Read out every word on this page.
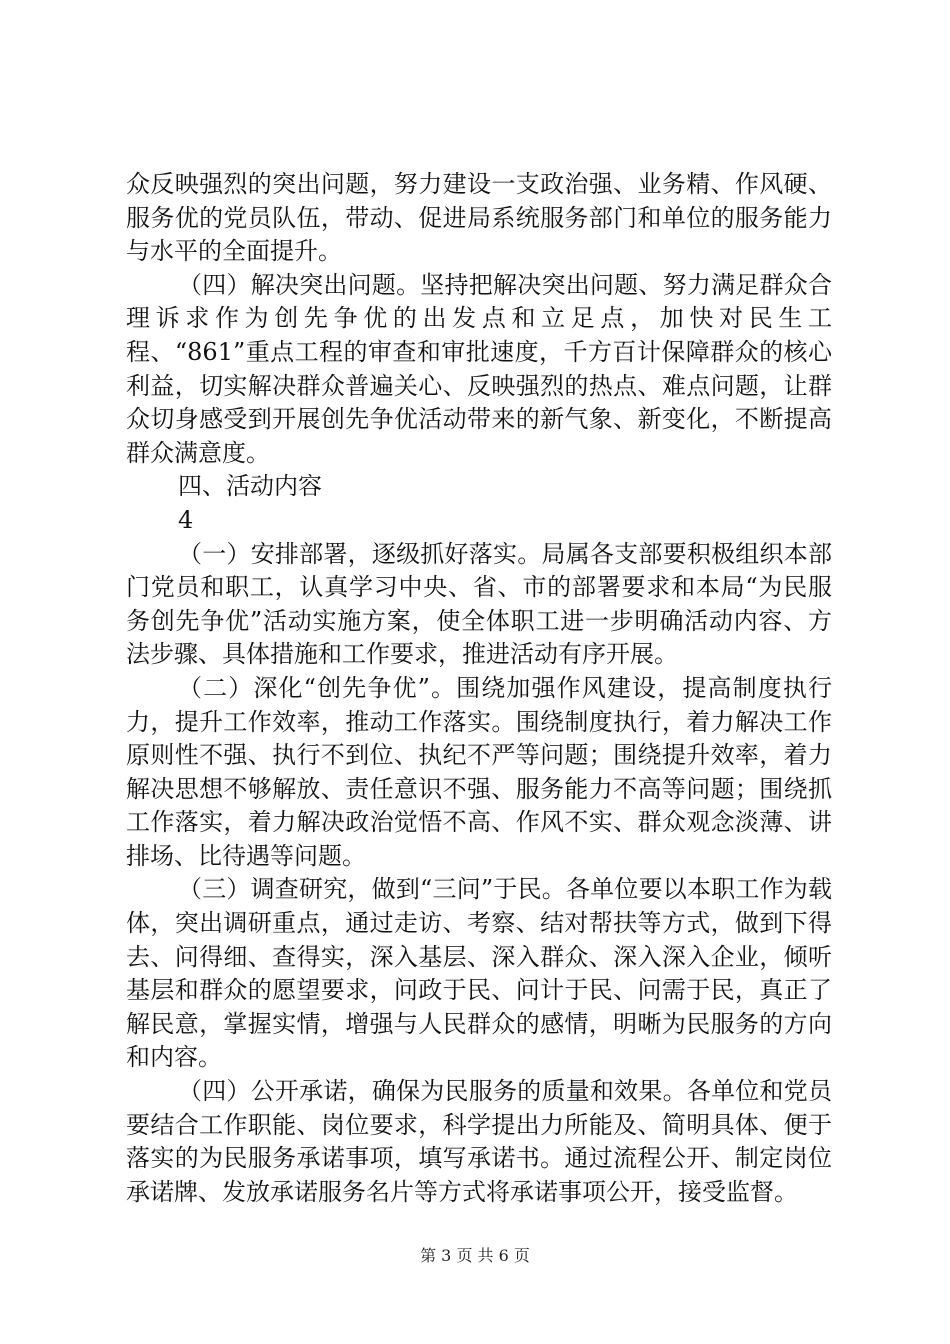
众反映强烈的突出问题，努力建设一支政治强、业务精、作风硬、服务优的党员队伍，带动、促进局系统服务部门和单位的服务能力与水平的全面提升。

（四）解决突出问题。坚持把解决突出问题、努力满足群众合理诉求作为创先争优的出发点和立足点，加快对民生工程、“861”重点工程的审查和审批速度，千方百计保障群众的核心利益，切实解决群众普遍关心、反映强烈的热点、难点问题，让群众切身感受到开展创先争优活动带来的新气象、新变化，不断提高群众满意度。

四、活动内容

4

（一）安排部署，逐级抓好落实。局属各支部要积极组织本部门党员和职工，认真学习中央、省、市的部署要求和本局“为民服务创先争优”活动实施方案，使全体职工进一步明确活动内容、方法步骤、具体措施和工作要求，推进活动有序开展。

（二）深化“创先争优”。围绕加强作风建设，提高制度执行力，提升工作效率，推动工作落实。围绕制度执行，着力解决工作原则性不强、执行不到位、执纪不严等问题；围绕提升效率，着力解决思想不够解放、责任意识不强、服务能力不高等问题；围绕抓工作落实，着力解决政治觉悟不高、作风不实、群众观念淡薄、讲排场、比待遇等问题。

（三）调查研究，做到“三问”于民。各单位要以本职工作为载体，突出调研重点，通过走访、考察、结对帮扶等方式，做到下得去、问得细、查得实，深入基层、深入群众、深入深入企业，倾听基层和群众的愿望要求，问政于民、问计于民、问需于民，真正了解民意，掌握实情，增强与人民群众的感情，明晰为民服务的方向和内容。

（四）公开承诺，确保为民服务的质量和效果。各单位和党员要结合工作职能、岗位要求，科学提出力所能及、简明具体、便于落实的为民服务承诺事项，填写承诺书。通过流程公开、制定岗位承诺牌、发放承诺服务名片等方式将承诺事项公开，接受监督。

第 3 页 共 6 页
